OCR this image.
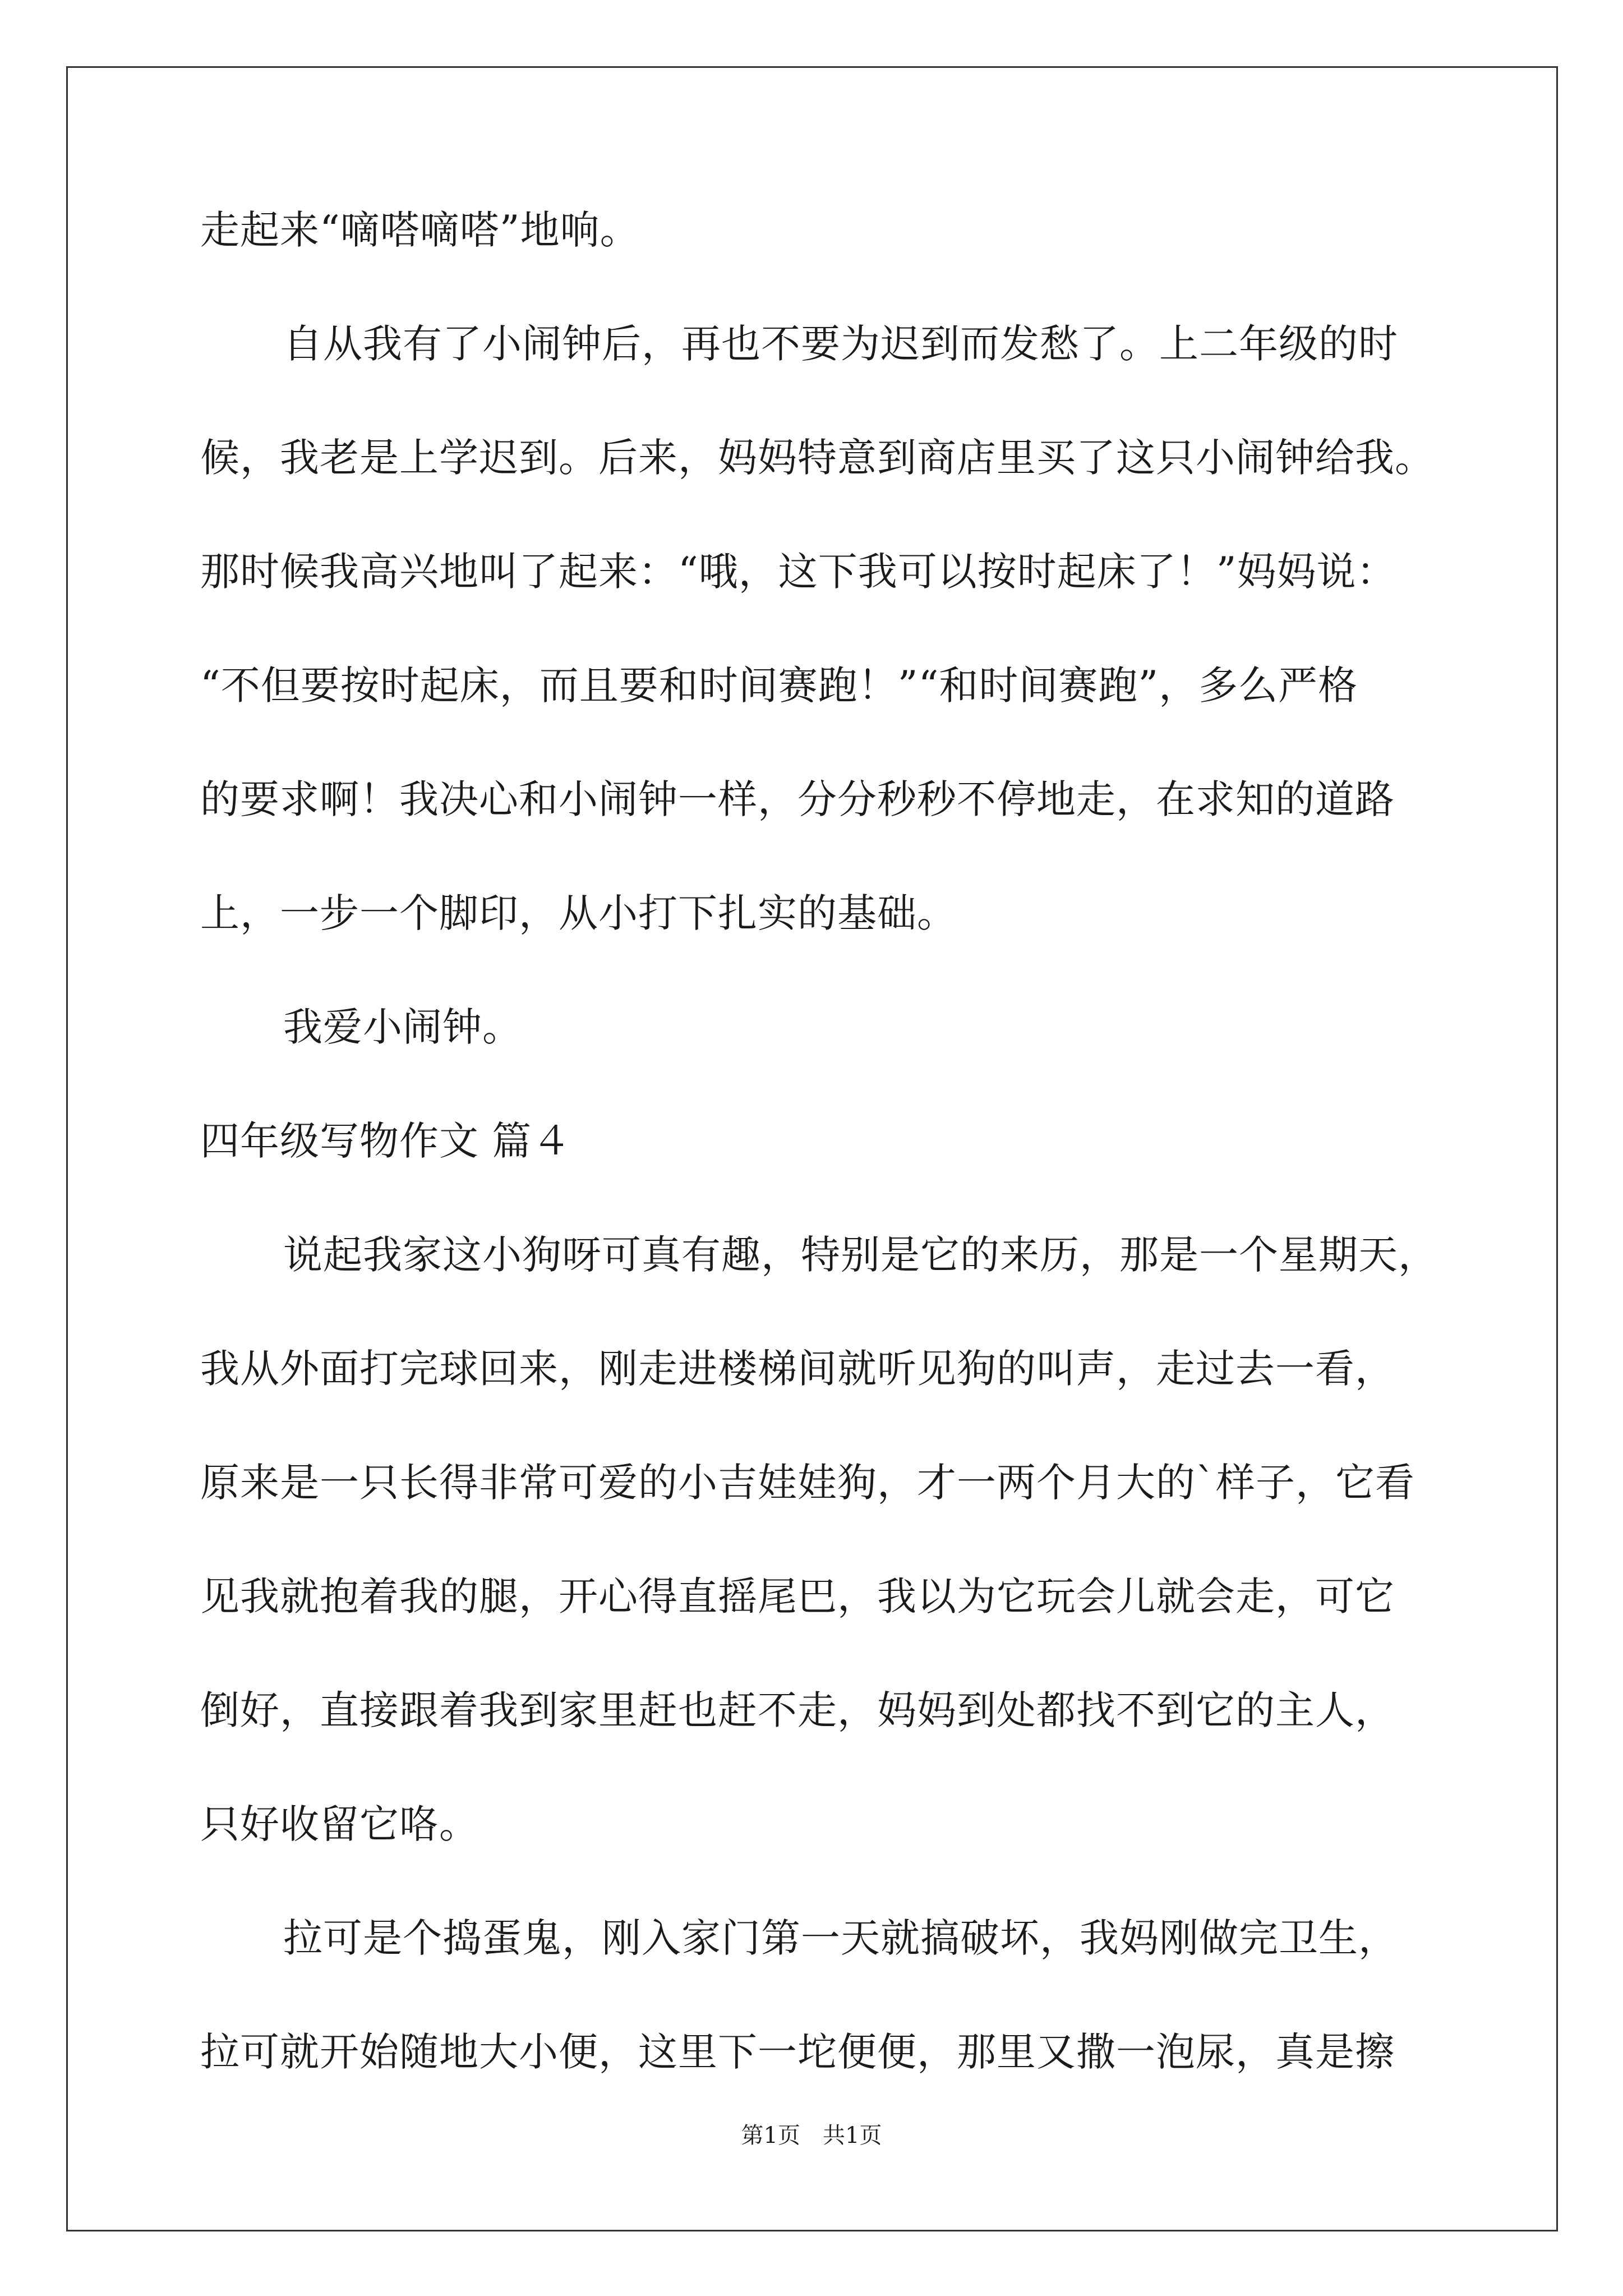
走起来“嘀嗒嘀嗒”地响。
自从我有了小闹钟后，再也不要为迟到而发愁了。上二年级的时
候，我老是上学迟到。后来，妈妈特意到商店里买了这只小闹钟给我。
那时候我高兴地叫了起来：“哦，这下我可以按时起床了！”妈妈说：
“不但要按时起床，而且要和时间赛跑！”“和时间赛跑”，多么严格
的要求啊！我决心和小闹钟一样，分分秒秒不停地走，在求知的道路
上，一步一个脚印，从小打下扎实的基础。
我爱小闹钟。
四年级写物作文 篇４
说起我家这小狗呀可真有趣，特别是它的来历，那是一个星期天，
我从外面打完球回来，刚走进楼梯间就听见狗的叫声，走过去一看，
原来是一只长得非常可爱的小吉娃娃狗，才一两个月大的`样子，它看
见我就抱着我的腿，开心得直摇尾巴，我以为它玩会儿就会走，可它
倒好，直接跟着我到家里赶也赶不走，妈妈到处都找不到它的主人，
只好收留它咯。
拉可是个捣蛋鬼，刚入家门第一天就搞破坏，我妈刚做完卫生，
拉可就开始随地大小便，这里下一坨便便，那里又撒一泡尿，真是擦
第1页　共1页
